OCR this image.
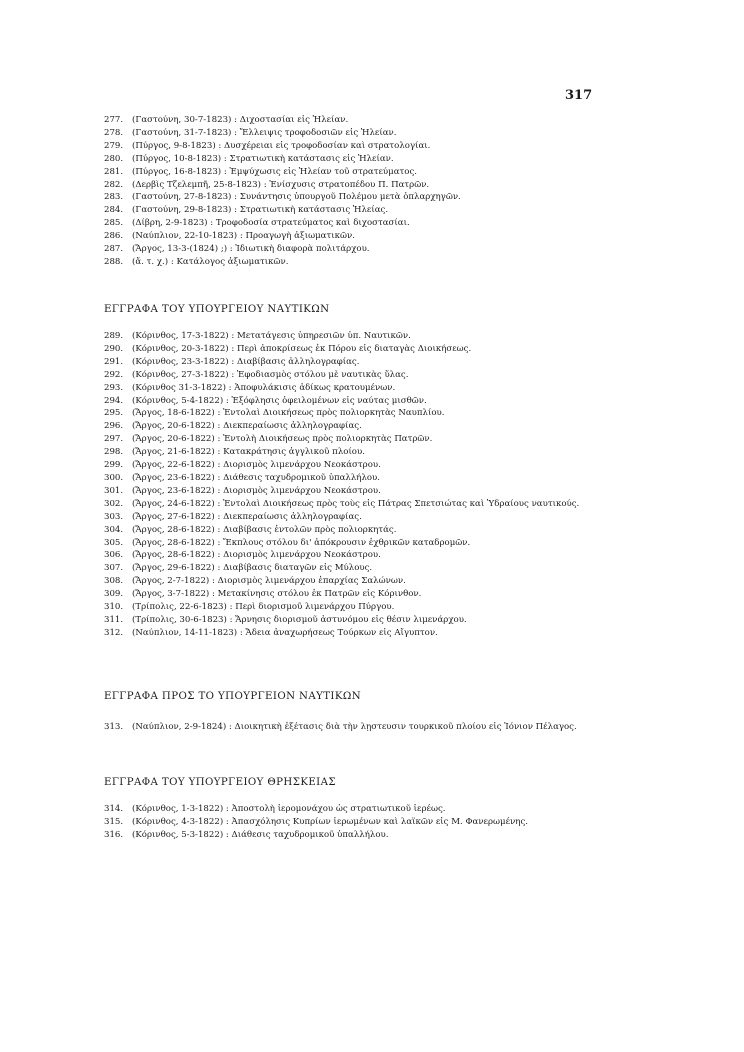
317
277.	(Γαστούνη, 30-7-1823) : Διχοστασίαι εἰς Ἠλείαν.
278.	(Γαστούνη, 31-7-1823) : Ἔλλειψις τροφοδοσιῶν εἰς Ἠλείαν.
279.	(Πύργος, 9-8-1823) : Δυσχέρειαι εἰς τροφοδοσίαν καὶ στρατολογίαι.
280.	(Πύργος, 10-8-1823) : Στρατιωτικὴ κατάστασις εἰς Ἠλείαν.
281.	(Πύργος, 16-8-1823) : Ἐμψύχωσις εἰς Ἠλείαν τοῦ στρατεύματος.
282.	(Δερβὶς Τζελεμπῆ, 25-8-1823) : Ἐνίσχυσις στρατοπέδου Π. Πατρῶν.
283.	(Γαστούνη, 27-8-1823) : Συνάντησις ὑπουργοῦ Πολέμου μετὰ ὁπλαρχηγῶν.
284.	(Γαστούνη, 29-8-1823) : Στρατιωτικὴ κατάστασις Ἠλείας.
285.	(Δίβρη, 2-9-1823) : Τροφοδοσία στρατεύματος καὶ διχοστασίαι.
286.	(Ναύπλιον, 22-10-1823) : Προαγωγὴ ἀξιωματικῶν.
287.	(Ἄργος, 13-3-(1824) ;) : Ἰδιωτικὴ διαφορὰ πολιτάρχου.
288.	(ἄ. τ. χ.) : Κατάλογος ἀξιωματικῶν.
ΕΓΓΡΑΦΑ ΤΟΥ ΥΠΟΥΡΓΕΙΟΥ ΝΑΥΤΙΚΩΝ
289.	(Κόρινθος, 17-3-1822) : Μετατάγεσις ὑπηρεσιῶν ὑπ. Ναυτικῶν.
290.	(Κόρινθος, 20-3-1822) : Περὶ ἀποκρίσεως ἐκ Πόρου εἰς διαταγὰς Διοικήσεως.
291.	(Κόρινθος, 23-3-1822) : Διαβίβασις ἀλληλογραφίας.
292.	(Κόρινθος, 27-3-1822) : Ἐφοδιασμὸς στόλου μὲ ναυτικὰς ὕλας.
293.	(Κόρινθος 31-3-1822) : Ἀποφυλάκισις ἀδίκως κρατουμένων.
294.	(Κόρινθος, 5-4-1822) : Ἐξόφλησις ὀφειλομένων εἰς ναύτας μισθῶν.
295.	(Ἄργος, 18-6-1822) : Ἐντολαὶ Διοικήσεως πρὸς πολιορκητὰς Ναυπλίου.
296.	(Ἄργος, 20-6-1822) : Διεκπεραίωσις ἀλληλογραφίας.
297.	(Ἄργος, 20-6-1822) : Ἐντολὴ Διοικήσεως πρὸς πολιορκητὰς Πατρῶν.
298.	(Ἄργος, 21-6-1822) : Κατακράτησις ἀγγλικοῦ πλοίου.
299.	(Ἄργος, 22-6-1822) : Διορισμὸς λιμενάρχου Νεοκάστρου.
300.	(Ἄργος, 23-6-1822) : Διάθεσις ταχυδρομικοῦ ὑπαλλήλου.
301.	(Ἄργος, 23-6-1822) : Διορισμὸς λιμενάρχου Νεοκάστρου.
302.	(Ἄργος, 24-6-1822) : Ἐντολαὶ Διοικήσεως πρὸς τοὺς εἰς Πάτρας Σπετσιώτας καὶ Ὑδραίους ναυτικούς.
303.	(Ἄργος, 27-6-1822) : Διεκπεραίωσις ἀλληλογραφίας.
304.	(Ἄργος, 28-6-1822) : Διαβίβασις ἐντολῶν πρὸς πολιορκητάς.
305.	(Ἄργος, 28-6-1822) : Ἔκπλους στόλου δι' ἀπόκρουσιν ἐχθρικῶν καταδρομῶν.
306.	(Ἄργος, 28-6-1822) : Διορισμὸς λιμενάρχου Νεοκάστρου.
307.	(Ἄργος, 29-6-1822) : Διαβίβασις διαταγῶν εἰς Μύλους.
308.	(Ἄργος, 2-7-1822) : Διορισμὸς λιμενάρχου ἐπαρχίας Σαλώνων.
309.	(Ἄργος, 3-7-1822) : Μετακίνησις στόλου ἐκ Πατρῶν εἰς Κόρινθον.
310.	(Τρίπολις, 22-6-1823) : Περὶ διορισμοῦ λιμενάρχου Πύργου.
311.	(Τρίπολις, 30-6-1823) : Ἄρνησις διορισμοῦ ἀστυνόμου εἰς θέσιν λιμενάρχου.
312.	(Ναύπλιον, 14-11-1823) : Ἄδεια ἀναχωρήσεως Τούρκων εἰς Αἴγυπτον.
ΕΓΓΡΑΦΑ ΠΡΟΣ ΤΟ ΥΠΟΥΡΓΕΙΟΝ ΝΑΥΤΙΚΩΝ
313.	(Ναύπλιον, 2-9-1824) : Διοικητικὴ ἐξέτασις διὰ τὴν λῃστευσιν τουρκικοῦ πλοίου εἰς Ἰόνιον Πέλαγος.
ΕΓΓΡΑΦΑ ΤΟΥ ΥΠΟΥΡΓΕΙΟΥ ΘΡΗΣΚΕΙΑΣ
314.	(Κόρινθος, 1-3-1822) : Ἀποστολὴ ἱερομονάχου ὡς στρατιωτικοῦ ἱερέως.
315.	(Κόρινθος, 4-3-1822) : Ἀπασχόλησις Κυπρίων ἱερωμένων καὶ λαϊκῶν εἰς Μ. Φανερωμένης.
316.	(Κόρινθος, 5-3-1822) : Διάθεσις ταχυδρομικοῦ ὑπαλλήλου.
